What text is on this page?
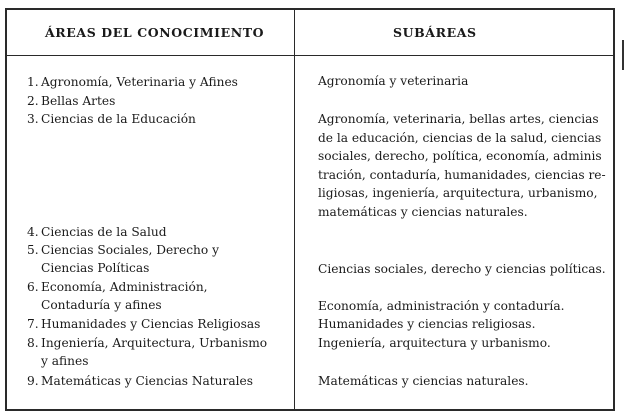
ÁREAS DEL CONOCIMIENTO	SUBÁREAS
1. Agronomía, Veterinaria y Afines
2. Bellas Artes
3. Ciencias de la Educación
4. Ciencias de la Salud
5. Ciencias Sociales, Derecho y
Ciencias Políticas
6. Economía, Administración,
Contaduría y afines
7. Humanidades y Ciencias Religiosas
8. Ingeniería, Arquitectura, Urbanismo
y afines
9. Matemáticas y Ciencias Naturales
Agronomía y veterinaria
Agronomía, veterinaria, bellas artes, ciencias
de la educación, ciencias de la salud, ciencias
sociales, derecho, política, economía, adminis
tración, contaduría, humanidades, ciencias re-
ligiosas, ingeniería, arquitectura, urbanismo,
matemáticas y ciencias naturales.
Ciencias sociales, derecho y ciencias políticas.
Economía, administración y contaduría.
Humanidades y ciencias religiosas.
Ingeniería, arquitectura y urbanismo.
Matemáticas y ciencias naturales.
